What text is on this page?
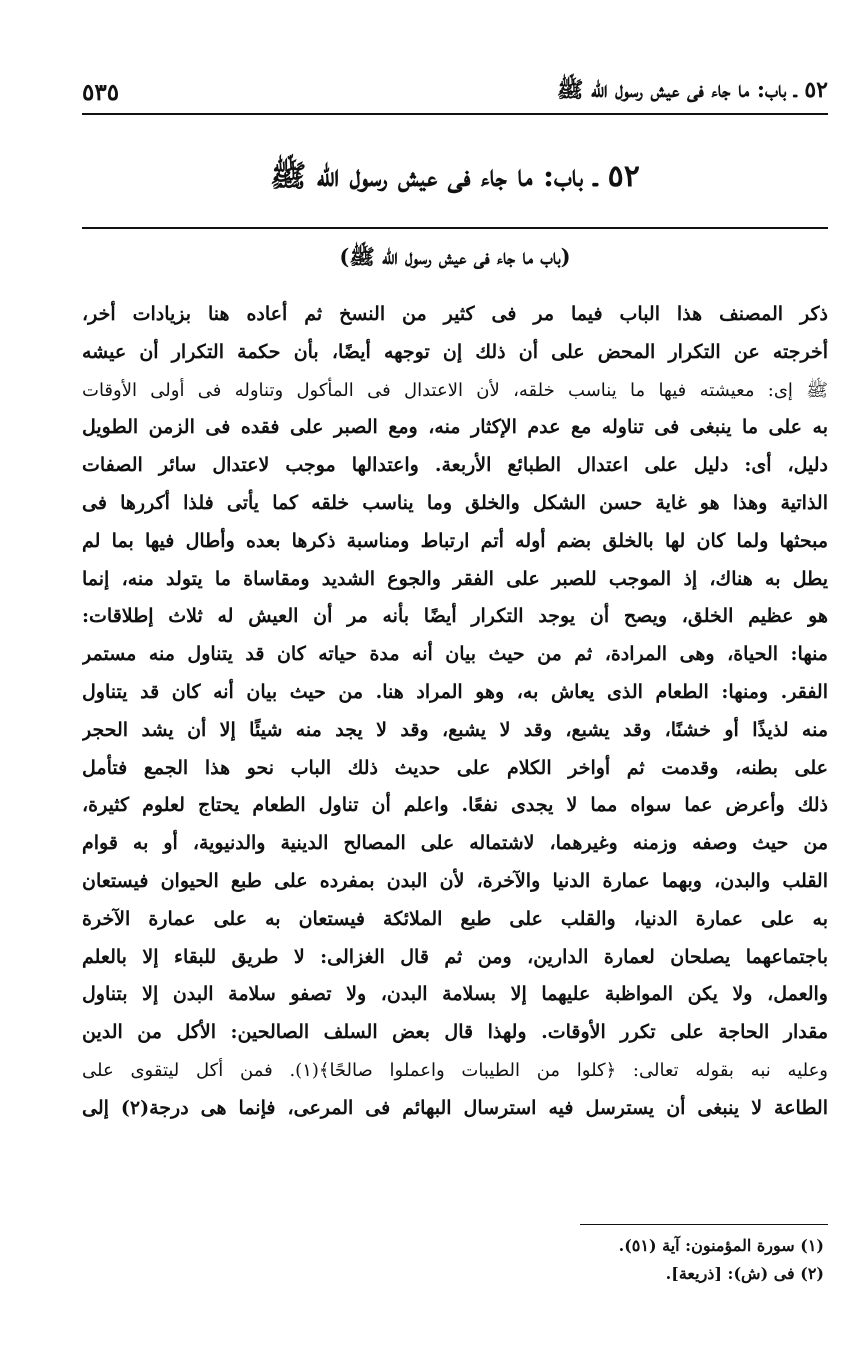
٥٢ ـ باب: ما جاء فى عيش رسول الله ﷺ
٥٣٥
٥٢ ـ باب: ما جاء فى عيش رسول الله ﷺ
(باب ما جاء فى عيش رسول الله ﷺ)
ذكر المصنف هذا الباب فيما مر فى كثير من النسخ ثم أعاده هنا بزيادات أخر،
أخرجته عن التكرار المحض على أن ذلك إن توجهه أيضًا، بأن حكمة التكرار أن عيشه
ﷺ إى: معيشته فيها ما يناسب خلقه، لأن الاعتدال فى المأكول وتناوله فى أولى الأوقات
به على ما ينبغى فى تناوله مع عدم الإكثار منه، ومع الصبر على فقده فى الزمن الطويل
دليل، أى: دليل على اعتدال الطبائع الأربعة. واعتدالها موجب لاعتدال سائر الصفات
الذاتية وهذا هو غاية حسن الشكل والخلق وما يناسب خلقه كما يأتى فلذا أكررها فى
مبحثها ولما كان لها بالخلق بضم أوله أتم ارتباط ومناسبة ذكرها بعده وأطال فيها بما لم
يطل به هناك، إذ الموجب للصبر على الفقر والجوع الشديد ومقاساة ما يتولد منه، إنما
هو عظيم الخلق، ويصح أن يوجد التكرار أيضًا بأنه مر أن العيش له ثلاث إطلاقات:
منها: الحياة، وهى المرادة، ثم من حيث بيان أنه مدة حياته كان قد يتناول منه مستمر
الفقر. ومنها: الطعام الذى يعاش به، وهو المراد هنا. من حيث بيان أنه كان قد يتناول
منه لذيذًا أو خشنًا، وقد يشبع، وقد لا يشبع، وقد لا يجد منه شيئًا إلا أن يشد الحجر
على بطنه، وقدمت ثم أواخر الكلام على حديث ذلك الباب نحو هذا الجمع فتأمل
ذلك وأعرض عما سواه مما لا يجدى نفعًا. واعلم أن تناول الطعام يحتاج لعلوم كثيرة،
من حيث وصفه وزمنه وغيرهما، لاشتماله على المصالح الدينية والدنيوية، أو به قوام
القلب والبدن، وبهما عمارة الدنيا والآخرة، لأن البدن بمفرده على طبع الحيوان فيستعان
به على عمارة الدنيا، والقلب على طبع الملائكة فيستعان به على عمارة الآخرة
باجتماعهما يصلحان لعمارة الدارين، ومن ثم قال الغزالى: لا طريق للبقاء إلا بالعلم
والعمل، ولا يكن المواظبة عليهما إلا بسلامة البدن، ولا تصفو سلامة البدن إلا بتناول
مقدار الحاجة على تكرر الأوقات. ولهذا قال بعض السلف الصالحين: الأكل من الدين
وعليه نبه بقوله تعالى: ﴿كلوا من الطيبات واعملوا صالحًا﴾(١). فمن أكل ليتقوى على
الطاعة لا ينبغى أن يسترسل فيه استرسال البهائم فى المرعى، فإنما هى درجة(٢) إلى
(١) سورة المؤمنون: آية (٥١).
(٢) فى (ش): [ذريعة].
